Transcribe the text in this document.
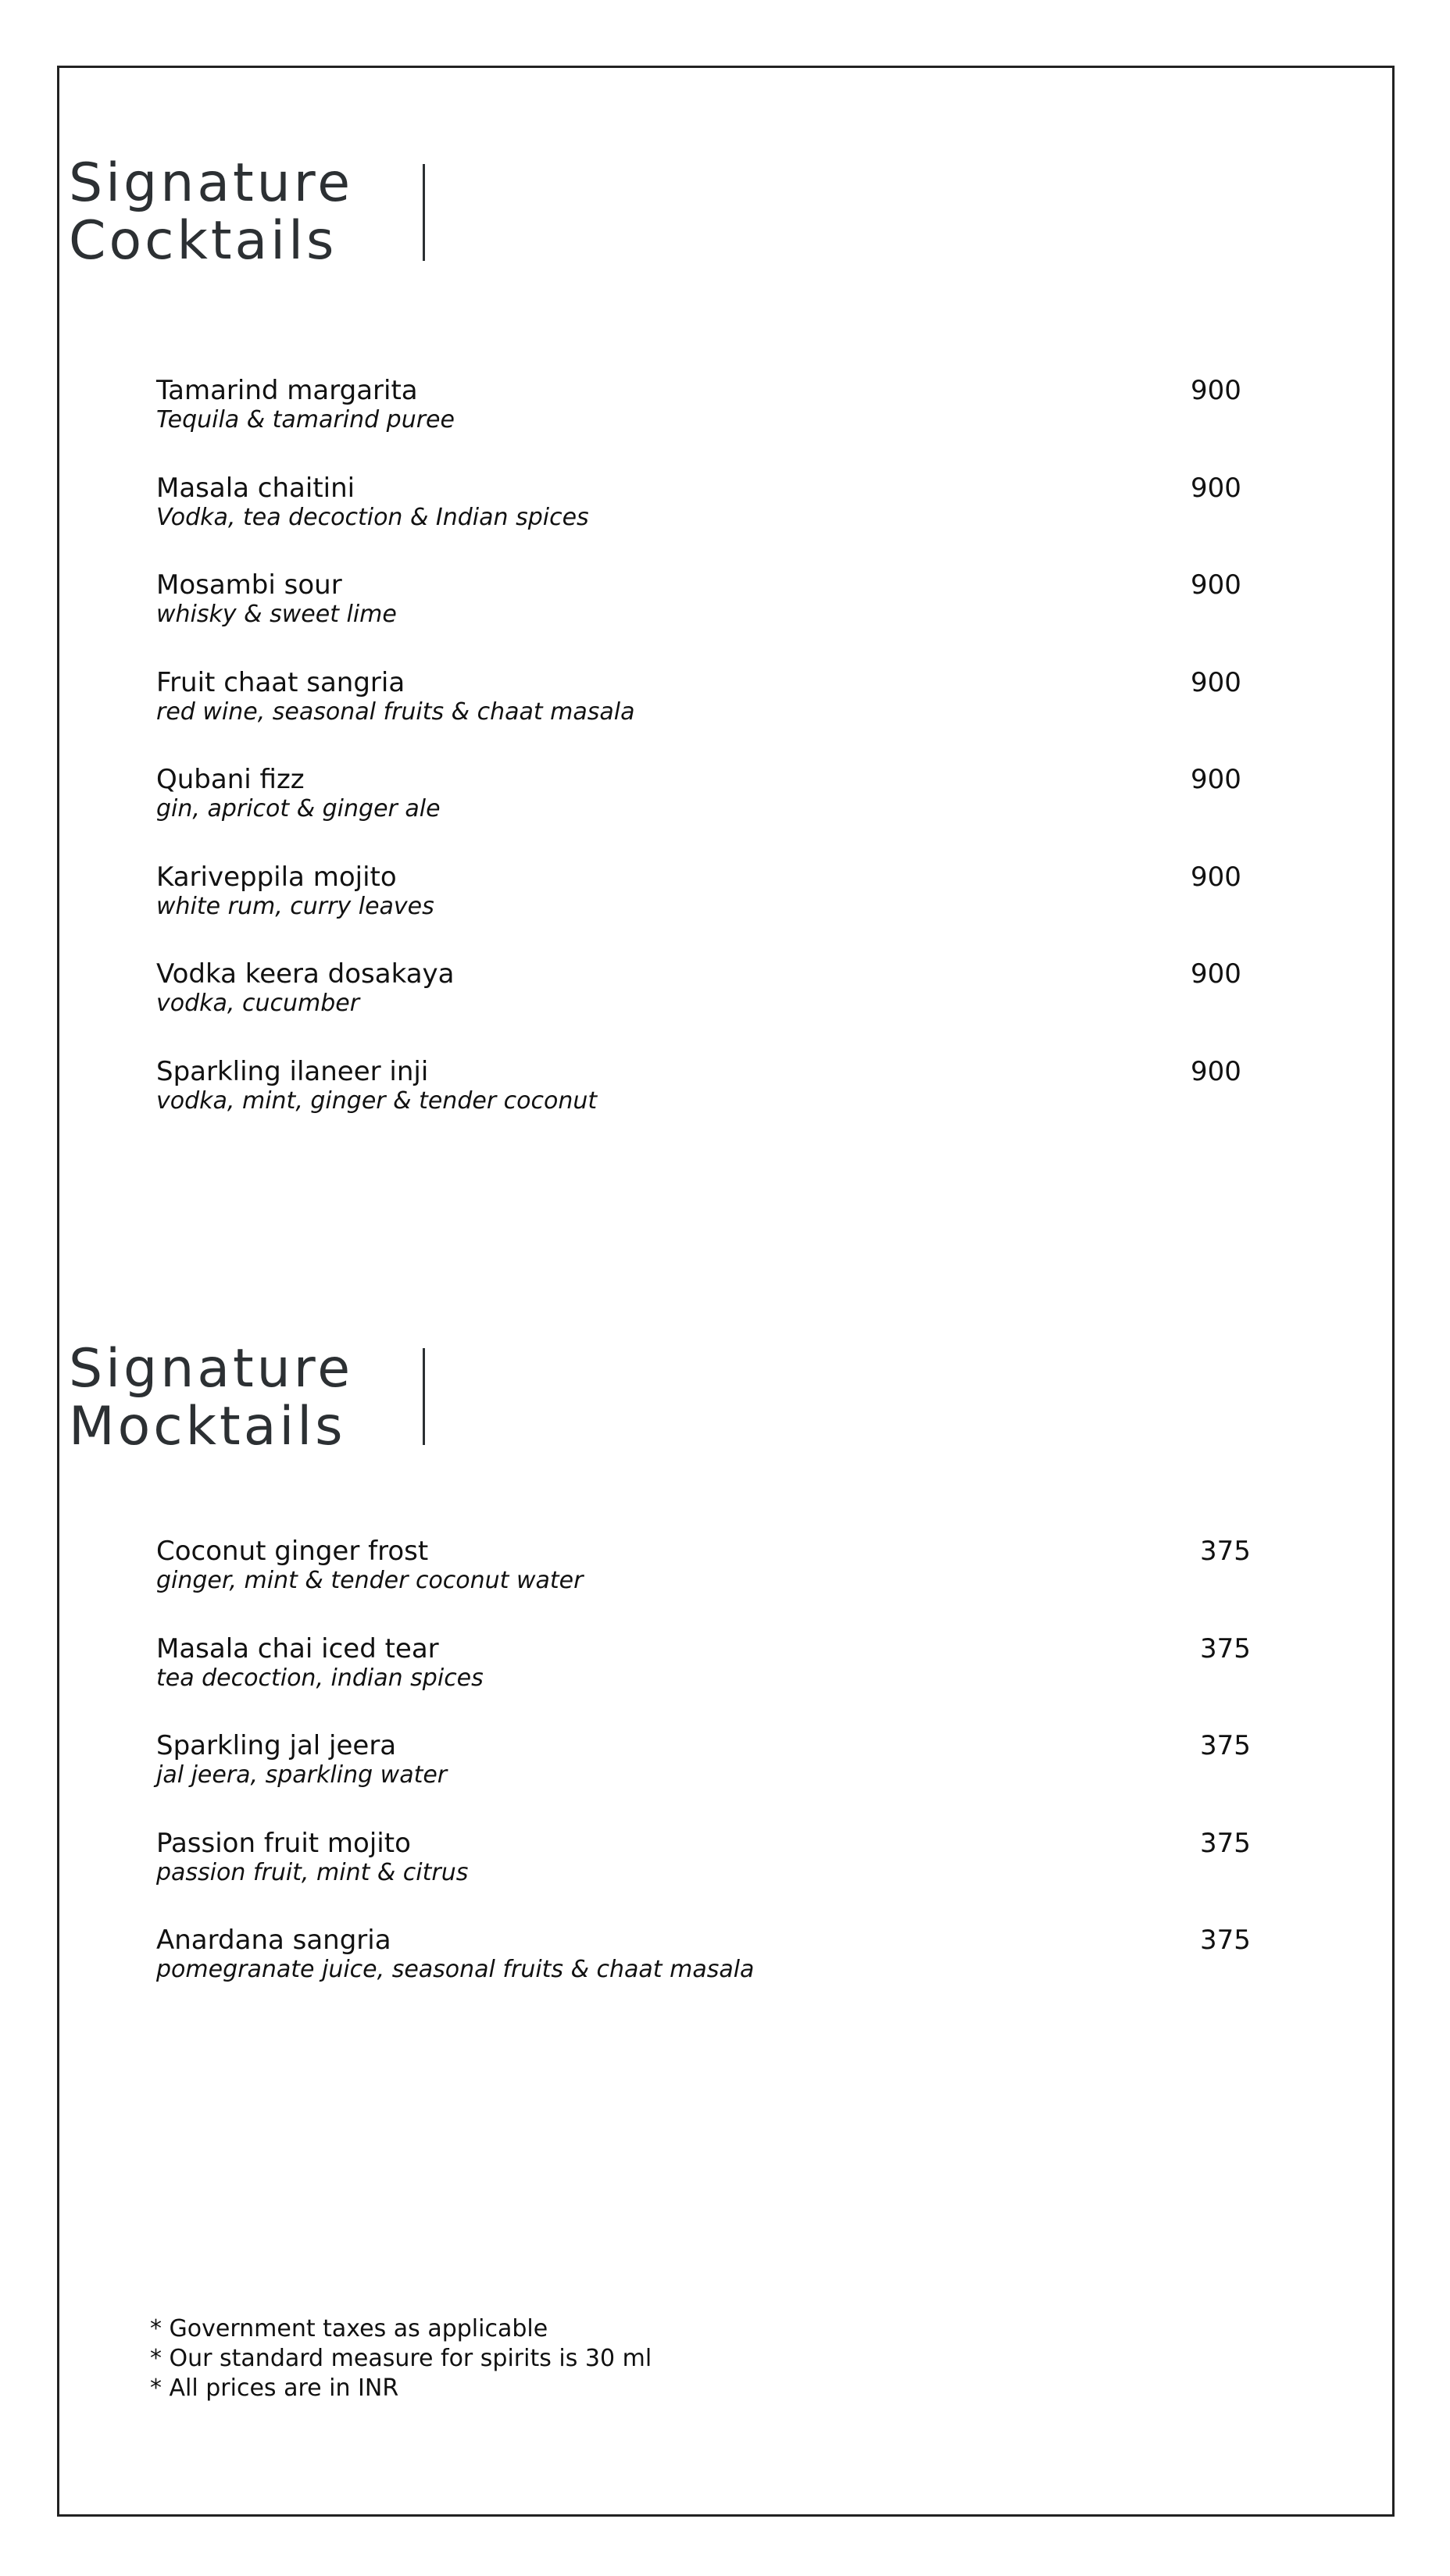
Signature
Cocktails
Tamarind margarita
Tequila & tamarind puree
900
Masala chaitini
Vodka, tea decoction & Indian spices
900
Mosambi sour
whisky & sweet lime
900
Fruit chaat sangria
red wine, seasonal fruits & chaat masala
900
Qubani fizz
gin, apricot & ginger ale
900
Kariveppila mojito
white rum, curry leaves
900
Vodka keera dosakaya
vodka, cucumber
900
Sparkling ilaneer inji
vodka, mint, ginger & tender coconut
900
Signature
Mocktails
Coconut ginger frost
ginger, mint & tender coconut water
375
Masala chai iced tear
tea decoction, indian spices
375
Sparkling jal jeera
jal jeera, sparkling water
375
Passion fruit mojito
passion fruit, mint & citrus
375
Anardana sangria
pomegranate juice, seasonal fruits & chaat masala
375
* Government taxes as applicable
* Our standard measure for spirits is 30 ml
* All prices are in INR
